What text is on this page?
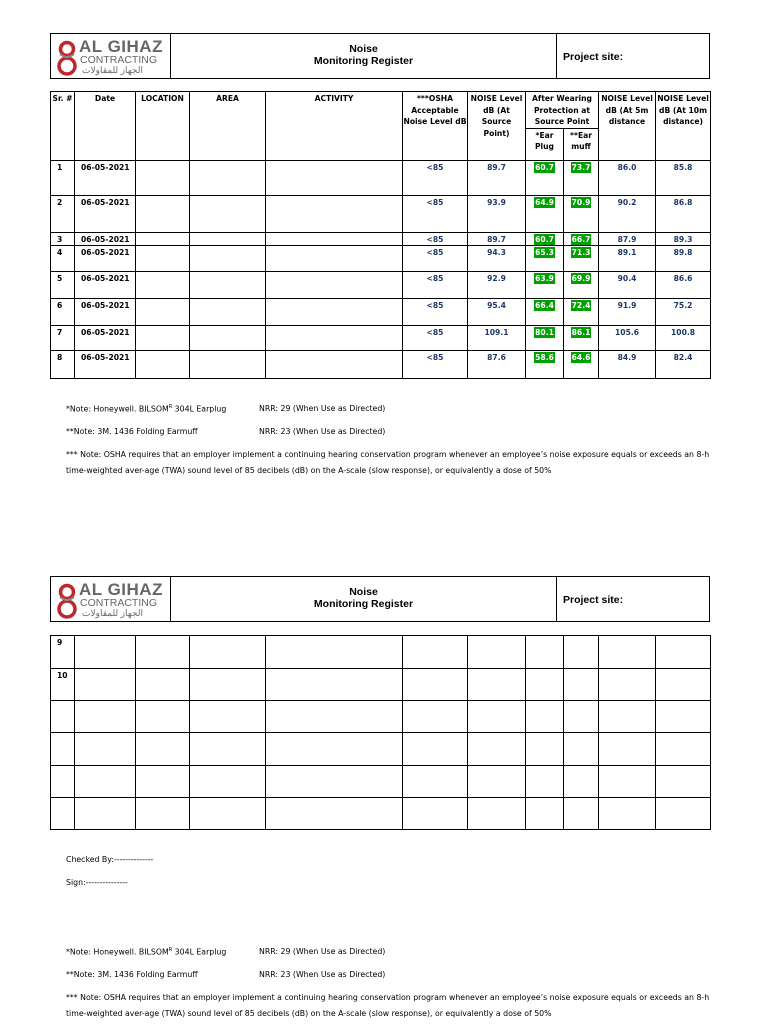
AL GIHAZ
CONTRACTING
الجهاز للمقاولات
Noise
Monitoring Register	Project site:
Sr. #	Date	LOCATION	AREA	ACTIVITY	***OSHA Acceptable Noise Level dB	NOISE Level dB (At Source Point)	After Wearing Protection at Source Point		NOISE Level dB (At 5m distance	NOISE Level dB (At 10m distance)
							*Ear Plug	**Ear muff		
1	06-05-2021				<85	89.7	60.7	73.7	86.0	85.8
2	06-05-2021				<85	93.9	64.9	70.9	90.2	86.8
3	06-05-2021				<85	89.7	60.7	66.7	87.9	89.3
4	06-05-2021				<85	94.3	65.3	71.3	89.1	89.8
5	06-05-2021				<85	92.9	63.9	69.9	90.4	86.6
6	06-05-2021				<85	95.4	66.4	72.4	91.9	75.2
7	06-05-2021				<85	109.1	80.1	86.1	105.6	100.8
8	06-05-2021				<85	87.6	58.6	64.6	84.9	82.4
*Note: Honeywell. $BILSOM^R$ 304L Earplug	NRR: 29 (When Use as Directed)
**Note: 3M. 1436 Folding Earmuff	NRR: 23 (When Use as Directed)
*** Note: OSHA requires that an employer implement a continuing hearing conservation program whenever an employee’s noise exposure equals or exceeds an 8-h time-weighted aver-age (TWA) sound level of 85 decibels (dB) on the A-scale (slow response), or equivalently a dose of 50%
AL GIHAZ
CONTRACTING
الجهاز للمقاولات
Noise
Monitoring Register	Project site:
9										
10										

Checked By:--------------
Sign:---------------
*Note: Honeywell. $BILSOM^R$ 304L Earplug	NRR: 29 (When Use as Directed)
**Note: 3M. 1436 Folding Earmuff	NRR: 23 (When Use as Directed)
*** Note: OSHA requires that an employer implement a continuing hearing conservation program whenever an employee’s noise exposure equals or exceeds an 8-h time-weighted aver-age (TWA) sound level of 85 decibels (dB) on the A-scale (slow response), or equivalently a dose of 50%
